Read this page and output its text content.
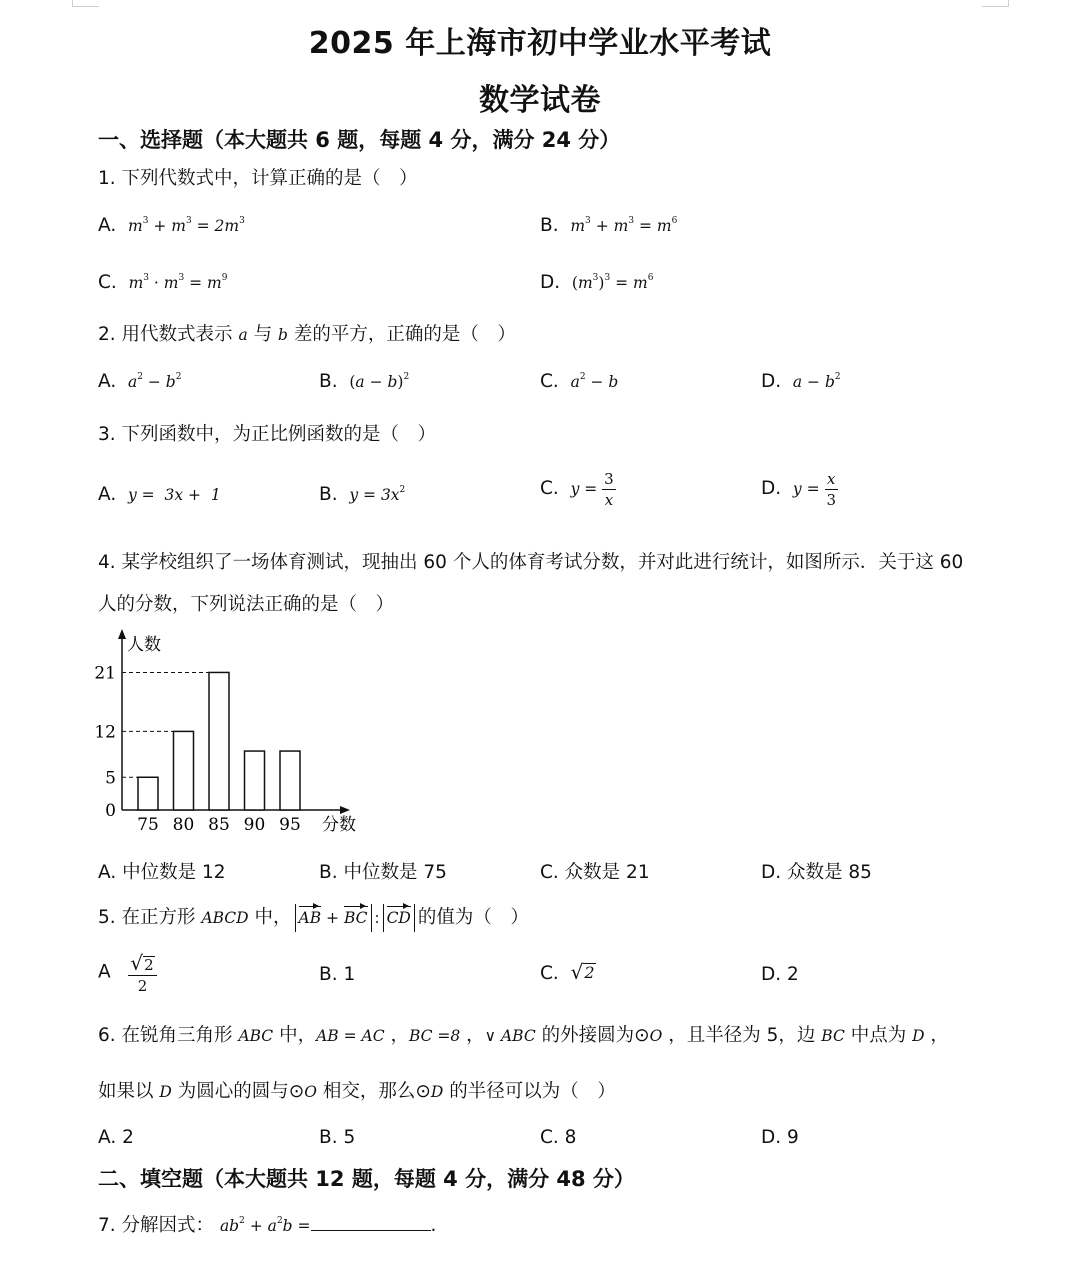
2025 年上海市初中学业水平考试
数学试卷
一、选择题（本大题共 6 题，每题 4 分，满分 24 分）
1. 下列代数式中，计算正确的是（　）
A.  $m^3 + m^3 = 2m^3$	B.  $m^3 + m^3 = m^6$
C.  $m^3 \cdot m^3 = m^9$	D.  $(m^3)^3 = m^6$
2. 用代数式表示 a 与 b 差的平方，正确的是（　）
A.  $a^2 - b^2$	B.  $(a - b)^2$	C.  $a^2 - b$	D.  $a - b^2$
3. 下列函数中，为正比例函数的是（　）
A.  y =  3x +  1	B.  $y = 3x^2$	C.  $y = \frac{3}{x}$	D.  $y = \frac{x}{3}$
4. 某学校组织了一场体育测试，现抽出 60 个人的体育考试分数，并对此进行统计，如图所示．关于这 60
人的分数，下列说法正确的是（　）
人数
分数
75 80 85 90 95
0
5
12
21
A. 中位数是 12	B. 中位数是 75	C. 众数是 21	D. 众数是 85
5. 在正方形 ABCD 中， AB + BC : CD 的值为（　）
A $\frac{√ 2}{2}$	B. 1	C. √ 2	D. 2
6. 在锐角三角形 ABC 中，AB = AC ，BC =8 ，∨ ABC 的外接圆为⊙O ，且半径为 5，边 BC 中点为 D ，
如果以 D 为圆心的圆与⊙O 相交，那么⊙D 的半径可以为（　）
A. 2	B. 5	C. 8	D. 9
二、填空题（本大题共 12 题，每题 4 分，满分 48 分）
7. 分解因式： $ab^2 + a^2b$ =	.
